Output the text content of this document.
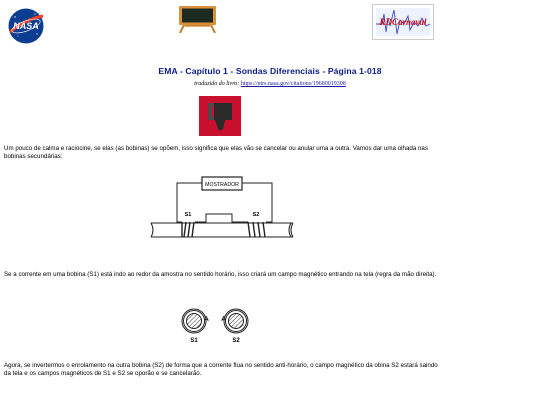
NASA	RDCarnaval
EMA - Capítulo 1 - Sondas Diferenciais - Página 1-018
traduzido do livro: https://ntrs.nasa.gov/citations/19680019308
Um pouco de calma e raciocine, se elas (as bobinas) se opõem, isso significa que elas vão se cancelar ou anular uma a outra. Vamos dar uma olhada nas bobinas secundárias:
MOSTRADOR
S1	S2
Se a corrente em uma bobina (S1) está indo ao redor da amostra no sentido horário, isso criará um campo magnético entrando na tela (regra da mão direita).
S1	S2
Agora, se invertermos o enrolamento na outra bobina (S2) de forma que a corrente flua no sentido anti-horário, o campo magnético da obina S2 estará saindo da tela e os campos magnéticos de S1 e S2 se oporão e se cancelarão.
